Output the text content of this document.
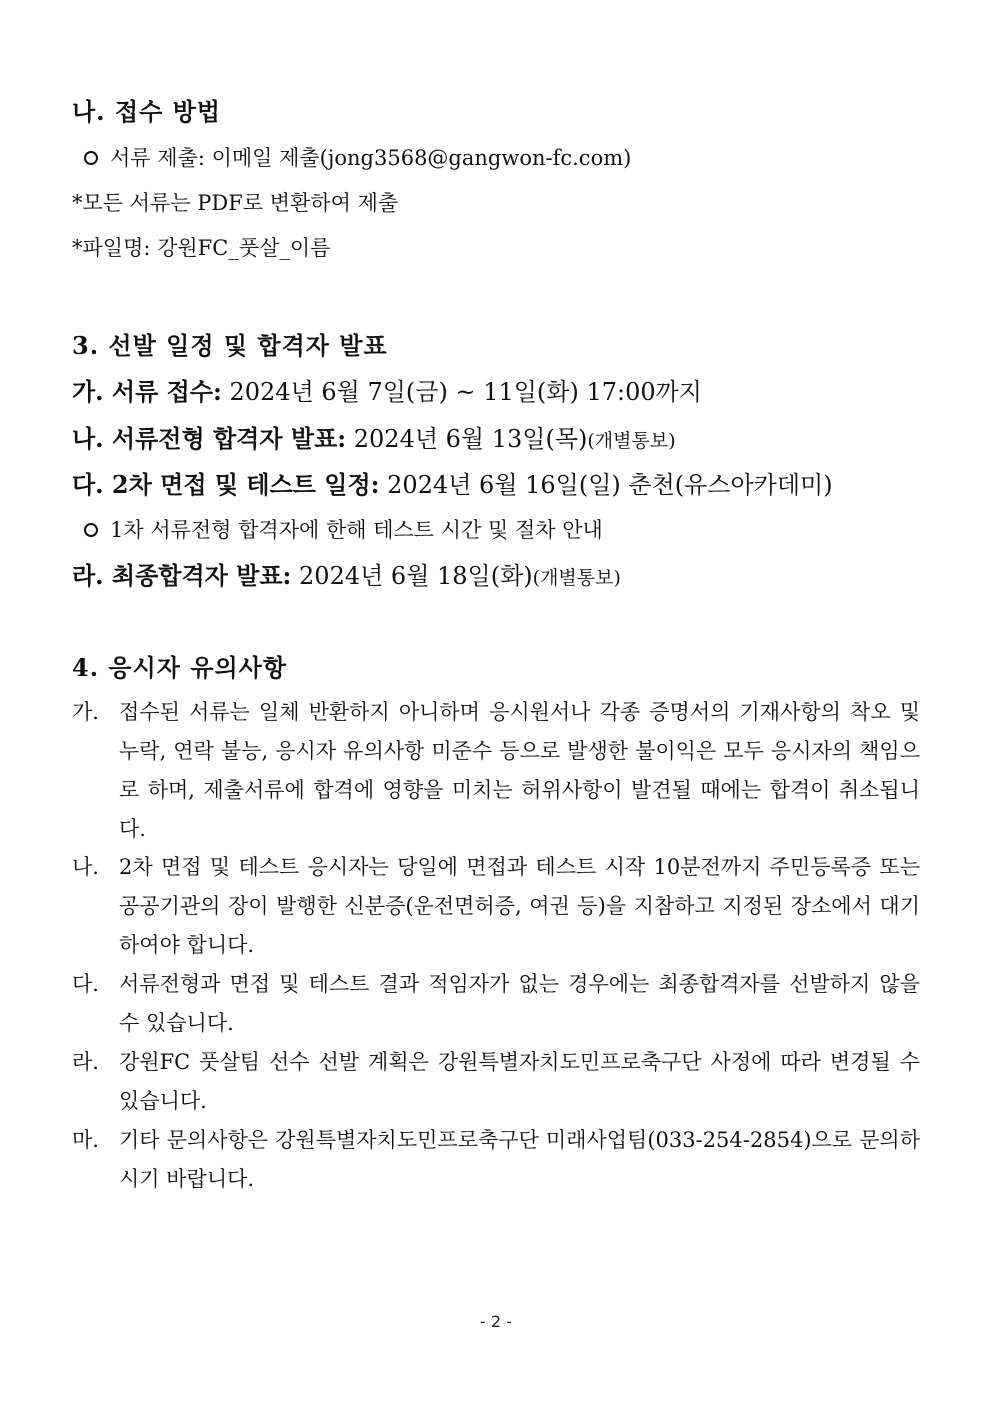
나. 접수 방법
서류 제출: 이메일 제출(jong3568@gangwon-fc.com)
*모든 서류는 PDF로 변환하여 제출
*파일명: 강원FC_풋살_이름
3. 선발 일정 및 합격자 발표
가. 서류 접수: 2024년 6월 7일(금) ~ 11일(화) 17:00까지
나. 서류전형 합격자 발표: 2024년 6월 13일(목)(개별통보)
다. 2차 면접 및 테스트 일정: 2024년 6월 16일(일) 춘천(유스아카데미)
1차 서류전형 합격자에 한해 테스트 시간 및 절차 안내
라. 최종합격자 발표: 2024년 6월 18일(화)(개별통보)
4. 응시자 유의사항
가. 접수된 서류는 일체 반환하지 아니하며 응시원서나 각종 증명서의 기재사항의 착오 및 누락, 연락 불능, 응시자 유의사항 미준수 등으로 발생한 불이익은 모두 응시자의 책임으로 하며, 제출서류에 합격에 영향을 미치는 허위사항이 발견될 때에는 합격이 취소됩니다.
나. 2차 면접 및 테스트 응시자는 당일에 면접과 테스트 시작 10분전까지 주민등록증 또는 공공기관의 장이 발행한 신분증(운전면허증, 여권 등)을 지참하고 지정된 장소에서 대기하여야 합니다.
다. 서류전형과 면접 및 테스트 결과 적임자가 없는 경우에는 최종합격자를 선발하지 않을 수 있습니다.
라. 강원FC 풋살팀 선수 선발 계획은 강원특별자치도민프로축구단 사정에 따라 변경될 수 있습니다.
마. 기타 문의사항은 강원특별자치도민프로축구단 미래사업팀(033-254-2854)으로 문의하시기 바랍니다.
- 2 -
